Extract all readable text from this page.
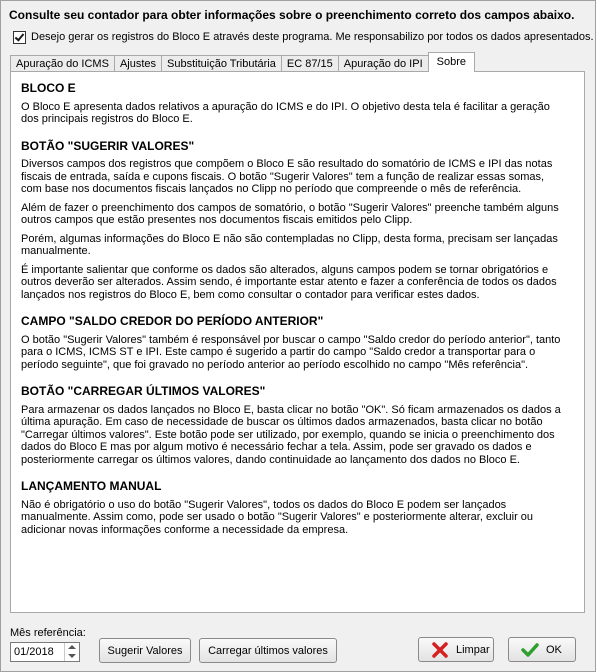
Consulte seu contador para obter informações sobre o preenchimento correto dos campos abaixo.
Desejo gerar os registros do Bloco E através deste programa. Me responsabilizo por todos os dados apresentados.
Apuração do ICMS	Ajustes	Substituição Tributária	EC 87/15	Apuração do IPI	Sobre
BLOCO E
O Bloco E apresenta dados relativos a apuração do ICMS e do IPI. O objetivo desta tela é facilitar a geração dos principais registros do Bloco E.
BOTÃO "SUGERIR VALORES"
Diversos campos dos registros que compõem o Bloco E são resultado do somatório de ICMS e IPI das notas fiscais de entrada, saída e cupons fiscais. O botão "Sugerir Valores" tem a função de realizar essas somas, com base nos documentos fiscais lançados no Clipp no período que compreende o mês de referência.
Além de fazer o preenchimento dos campos de somatório, o botão "Sugerir Valores" preenche também alguns outros campos que estão presentes nos documentos fiscais emitidos pelo Clipp.
Porém, algumas informações do Bloco E não são contempladas no Clipp, desta forma, precisam ser lançadas manualmente.
É importante salientar que conforme os dados são alterados, alguns campos podem se tornar obrigatórios e outros deverão ser alterados. Assim sendo, é importante estar atento e fazer a conferência de todos os dados lançados nos registros do Bloco E, bem como consultar o contador para verificar estes dados.
CAMPO "SALDO CREDOR DO PERÍODO ANTERIOR"
O botão "Sugerir Valores" também é responsável por buscar o campo "Saldo credor do período anterior", tanto para o ICMS, ICMS ST e IPI. Este campo é sugerido a partir do campo "Saldo credor a transportar para o período seguinte", que foi gravado no período anterior ao período escolhido no campo "Mês referência".
BOTÃO "CARREGAR ÚLTIMOS VALORES"
Para armazenar os dados lançados no Bloco E, basta clicar no botão "OK". Só ficam armazenados os dados a última apuração. Em caso de necessidade de buscar os últimos dados armazenados, basta clicar no botão "Carregar últimos valores". Este botão pode ser utilizado, por exemplo, quando se inicia o preenchimento dos dados do Bloco E mas por algum motivo é necessário fechar a tela. Assim, pode ser gravado os dados e posteriormente carregar os últimos valores, dando continuidade ao lançamento dos dados no Bloco E.
LANÇAMENTO MANUAL
Não é obrigatório o uso do botão "Sugerir Valores", todos os dados do Bloco E podem ser lançados manualmente. Assim como, pode ser usado o botão "Sugerir Valores" e posteriormente alterar, excluir ou adicionar novas informações conforme a necessidade da empresa.
Mês referência:
01/2018	Sugerir Valores Carregar últimos valores	Limpar	OK
